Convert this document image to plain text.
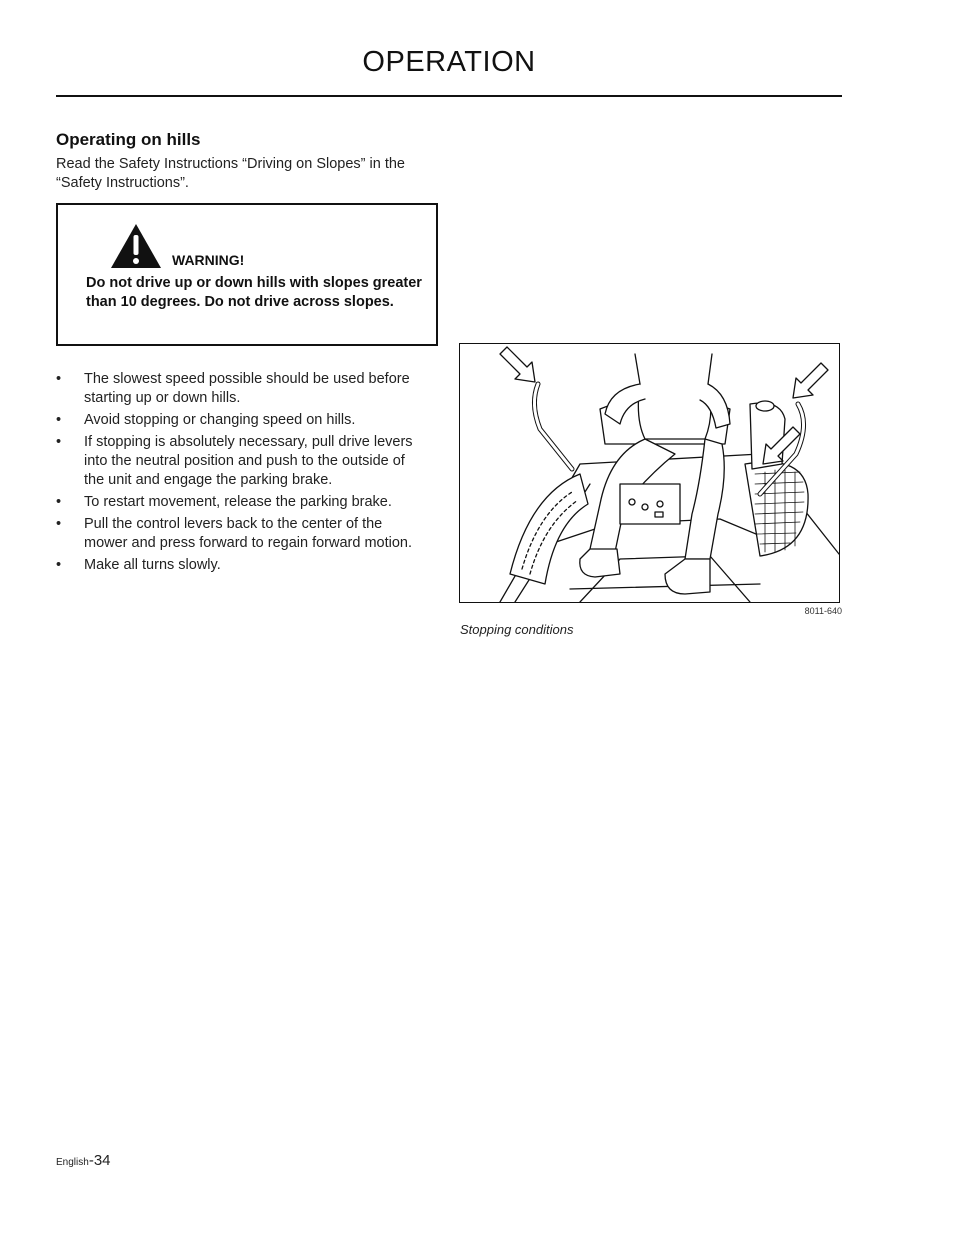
OPERATION
Operating on hills
Read the Safety Instructions “Driving on Slopes” in the “Safety Instructions”.
WARNING!
Do not drive up or down hills with slopes greater than 10 degrees. Do not drive across slopes.
• The slowest speed possible should be used before starting up or down hills.
• Avoid stopping or changing speed on hills.
• If stopping is absolutely necessary, pull drive levers into the neutral position and push to the outside of the unit and engage the parking brake.
• To restart movement, release the parking brake.
• Pull the control levers back to the center of the mower and press forward to regain forward motion.
• Make all turns slowly.
8011-640
Stopping conditions
English-34
